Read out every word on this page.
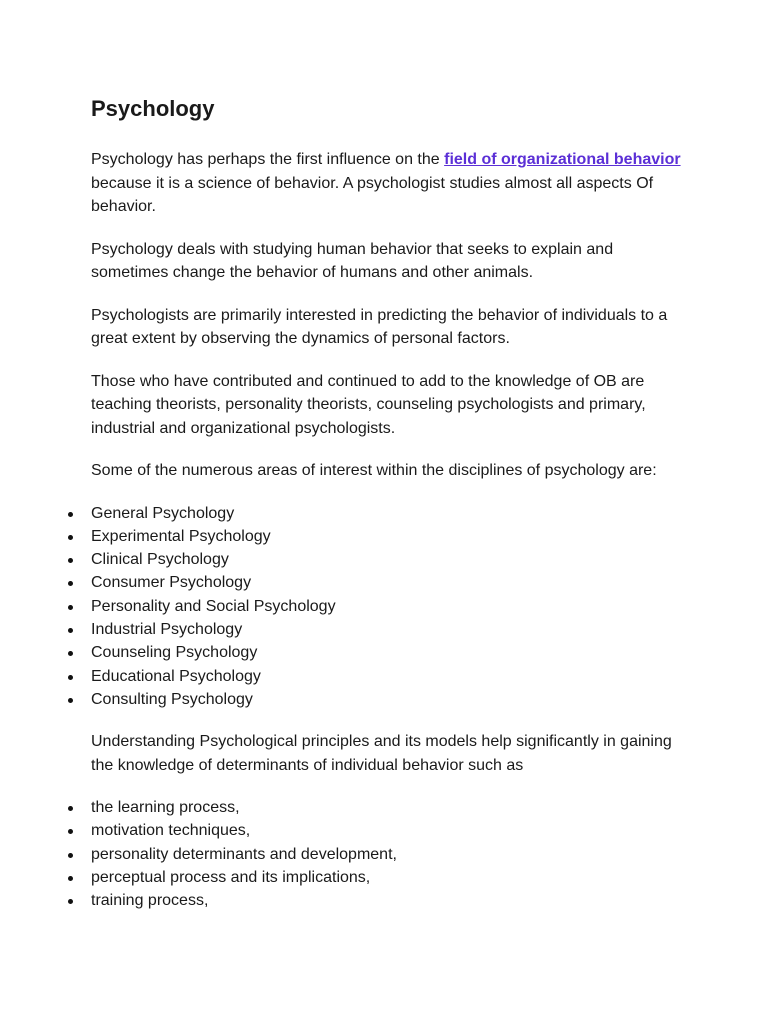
Psychology

Psychology has perhaps the first influence on the field of organizational behavior because it is a science of behavior. A psychologist studies almost all aspects Of behavior.

Psychology deals with studying human behavior that seeks to explain and sometimes change the behavior of humans and other animals.

Psychologists are primarily interested in predicting the behavior of individuals to a great extent by observing the dynamics of personal factors.

Those who have contributed and continued to add to the knowledge of OB are teaching theorists, personality theorists, counseling psychologists and primary, industrial and organizational psychologists.

Some of the numerous areas of interest within the disciplines of psychology are:

General Psychology
Experimental Psychology
Clinical Psychology
Consumer Psychology
Personality and Social Psychology
Industrial Psychology
Counseling Psychology
Educational Psychology
Consulting Psychology

Understanding Psychological principles and its models help significantly in gaining the knowledge of determinants of individual behavior such as

the learning process,
motivation techniques,
personality determinants and development,
perceptual process and its implications,
training process,
